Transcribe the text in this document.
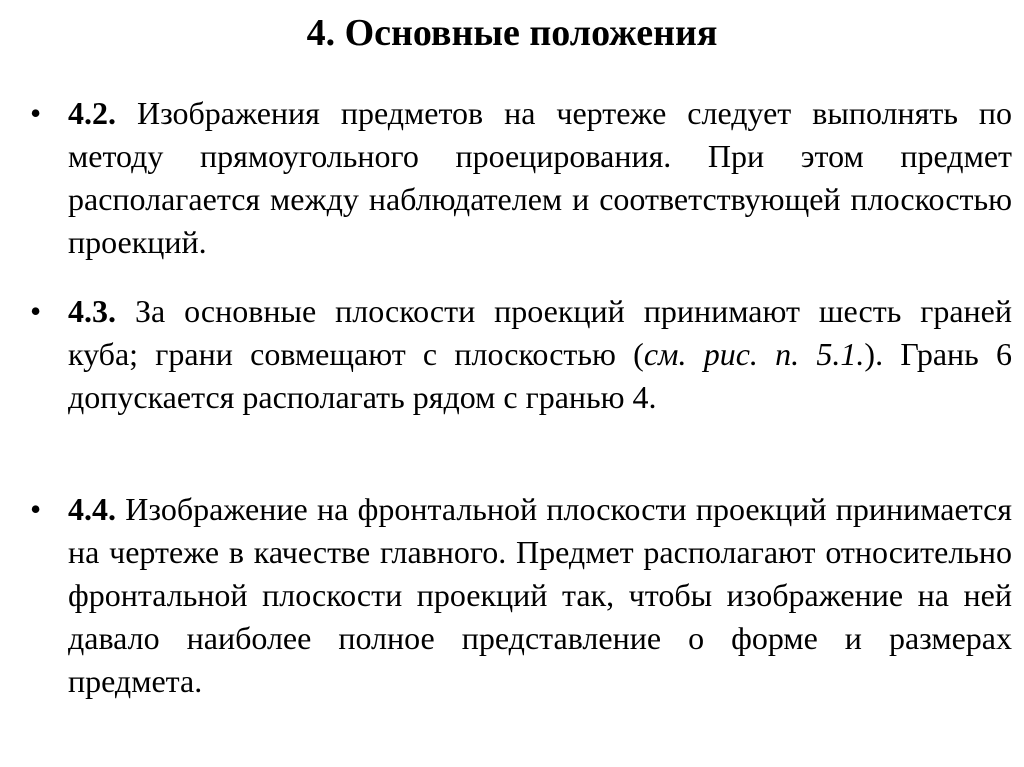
4. Основные положения
• 4.2. Изображения предметов на чертеже следует выполнять по методу прямоугольного проецирования. При этом предмет располагается между наблюдателем и соответствующей плоскостью проекций.

• 4.3. За основные плоскости проекций принимают шесть граней куба; грани совмещают с плоскостью (см. рис. п. 5.1.). Грань 6 допускается располагать рядом с гранью 4.

• 4.4. Изображение на фронтальной плоскости проекций принимается на чертеже в качестве главного. Предмет располагают относительно фронтальной плоскости проекций так, чтобы изображение на ней давало наиболее полное представление о форме и размерах предмета.
